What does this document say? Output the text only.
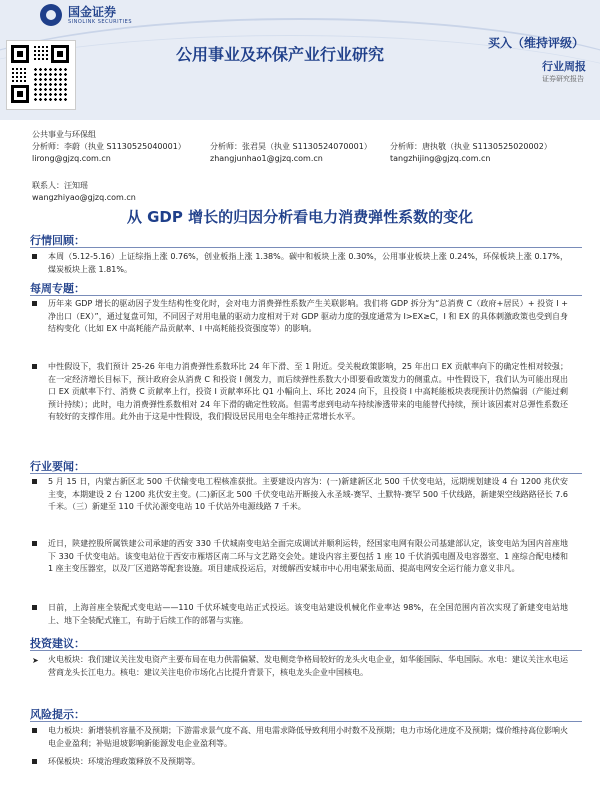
国金证券
SINOLINK SECURITIES
公用事业及环保产业行业研究
买入（维持评级）
行业周报
证券研究报告
公共事业与环保组
分析师：李蔚（执业 S1130525040001）
lirong@gjzq.com.cn
分析师：张君昊（执业 S1130524070001）
zhangjunhao1@gjzq.com.cn
分析师：唐执敬（执业 S1130525020002）
tangzhijing@gjzq.com.cn
联系人：汪知瑶
wangzhiyao@gjzq.com.cn
从 GDP 增长的归因分析看电力消费弹性系数的变化
行情回顾：
本周（5.12-5.16）上证综指上涨 0.76%，创业板指上涨 1.38%。碳中和板块上涨 0.30%，公用事业板块上涨 0.24%，环保板块上涨 0.17%，煤炭板块上涨 1.81%。
每周专题：
历年来 GDP 增长的驱动因子发生结构性变化时，会对电力消费弹性系数产生关联影响。我们将 GDP 拆分为“总消费 C（政府+居民）+ 投资 I + 净出口（EX）”，通过复盘可知，不同因子对用电量的驱动力度相对于对 GDP 驱动力度的强度通常为 I>EX≥C，I 和 EX 的具体刺激政策也受到自身结构变化（比如 EX 中高耗能产品贡献率、I 中高耗能投资强度等）的影响。
中性假设下，我们预计 25-26 年电力消费弹性系数环比 24 年下滑、至 1 附近。受关税政策影响，25 年出口 EX 贡献率向下的确定性相对较强；在一定经济增长目标下，预计政府会从消费 C 和投资 I 侧发力，而后续弹性系数大小即要看政策发力的侧重点。中性假设下，我们认为可能出现出口 EX 贡献率下行、消费 C 贡献率上行，投资 I 贡献率环比 Q1 小幅向上、环比 2024 向下，且投资 I 中高耗能板块表现预计仍然偏弱（产能过剩预计持续）；此时，电力消费弹性系数相对 24 年下滑的确定性较高。但需考虑到电动车持续渗透带来的电能替代持续，预计该因素对总弹性系数还有较好的支撑作用。此外由于这是中性假设，我们假设居民用电全年维持正常增长水平。
行业要闻：
5 月 15 日，内蒙古新区北 500 千伏输变电工程核准获批。主要建设内容为：(一)新建新区北 500 千伏变电站，远期规划建设 4 台 1200 兆伏安主变，本期建设 2 台 1200 兆伏安主变。(二)新区北 500 千伏变电站开断接入永圣域-赛罕、土默特-赛罕 500 千伏线路，新建架空线路路径长 7.6 千米。（三）新建至 110 千伏沁源变电站 10 千伏站外电源线路 7 千米。
近日，陕建控股所属铁建公司承建的西安 330 千伏城南变电站全面完成调试并顺利运转，经国家电网有限公司基建部认定，该变电站为国内首座地下 330 千伏变电站。该变电站位于西安市雁塔区南二环与文艺路交会处。建设内容主要包括 1 座 10 千伏消弧电圈及电容器室、1 座综合配电楼和 1 座主变压器室，以及厂区道路等配套设施。项目建成投运后，对缓解西安城市中心用电紧张局面、提高电网安全运行能力意义非凡。
日前，上海首座全装配式变电站——110 千伏环城变电站正式投运。该变电站建设机械化作业率达 98%，在全国范围内首次实现了新建变电站地上、地下全装配式施工，有助于后续工作的部署与实施。
投资建议：
➤	火电板块：我们建议关注发电资产主要布局在电力供需偏紧、发电侧竞争格局较好的龙头火电企业，如华能国际、华电国际。水电：建议关注水电运营商龙头长江电力。核电：建议关注电价市场化占比提升背景下，核电龙头企业中国核电。
风险提示：
电力板块：新增装机容量不及预期；下游需求景气度不高、用电需求降低导致利用小时数不及预期；电力市场化进度不及预期；煤价维持高位影响火电企业盈利；补贴退坡影响新能源发电企业盈利等。
环保板块：环境治理政策释放不及预期等。
